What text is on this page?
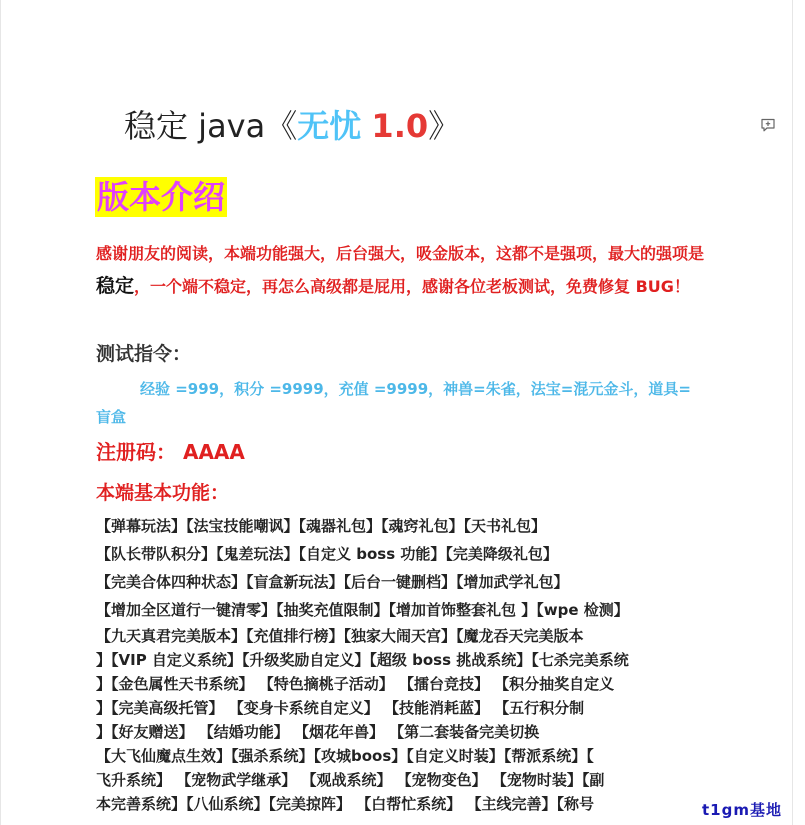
稳定 java《无忧 1.0》
版本介绍
感谢朋友的阅读，本端功能强大，后台强大，吸金版本，这都不是强项，最大的强项是稳定，一个端不稳定，再怎么高级都是屁用，感谢各位老板测试，免费修复 BUG！
测试指令：
经验 =999，积分 =9999，充值 =9999，神兽=朱雀，法宝=混元金斗，道具=盲盒
注册码： AAAA
本端基本功能：
【弹幕玩法】【法宝技能嘲讽】【魂器礼包】【魂窍礼包】【天书礼包】
【队长带队积分】【鬼差玩法】【自定义 boss 功能】【完美降级礼包】
【完美合体四种状态】【盲盒新玩法】【后台一键删档】【增加武学礼包】
【增加全区道行一键清零】【抽奖充值限制】【增加首饰整套礼包 】【wpe 检测】
【九天真君完美版本】【充值排行榜】【独家大闹天宫】【魔龙吞天完美版本
】【VIP 自定义系统】【升级奖励自定义】【超级 boss 挑战系统】【七杀完美系统
】【金色属性天书系统】 【特色摘桃子活动】 【擂台竞技】 【积分抽奖自定义
】【完美高级托管】 【变身卡系统自定义】 【技能消耗蓝】 【五行积分制
】【好友赠送】 【结婚功能】 【烟花年兽】 【第二套装备完美切换
【大飞仙魔点生效】【强杀系统】【攻城boos】【自定义时装】【帮派系统】【
飞升系统】 【宠物武学继承】 【观战系统】 【宠物变色】 【宠物时装】【副
本完善系统】【八仙系统】【完美掠阵】 【白帮忙系统】 【主线完善】【称号	t1gm基地
